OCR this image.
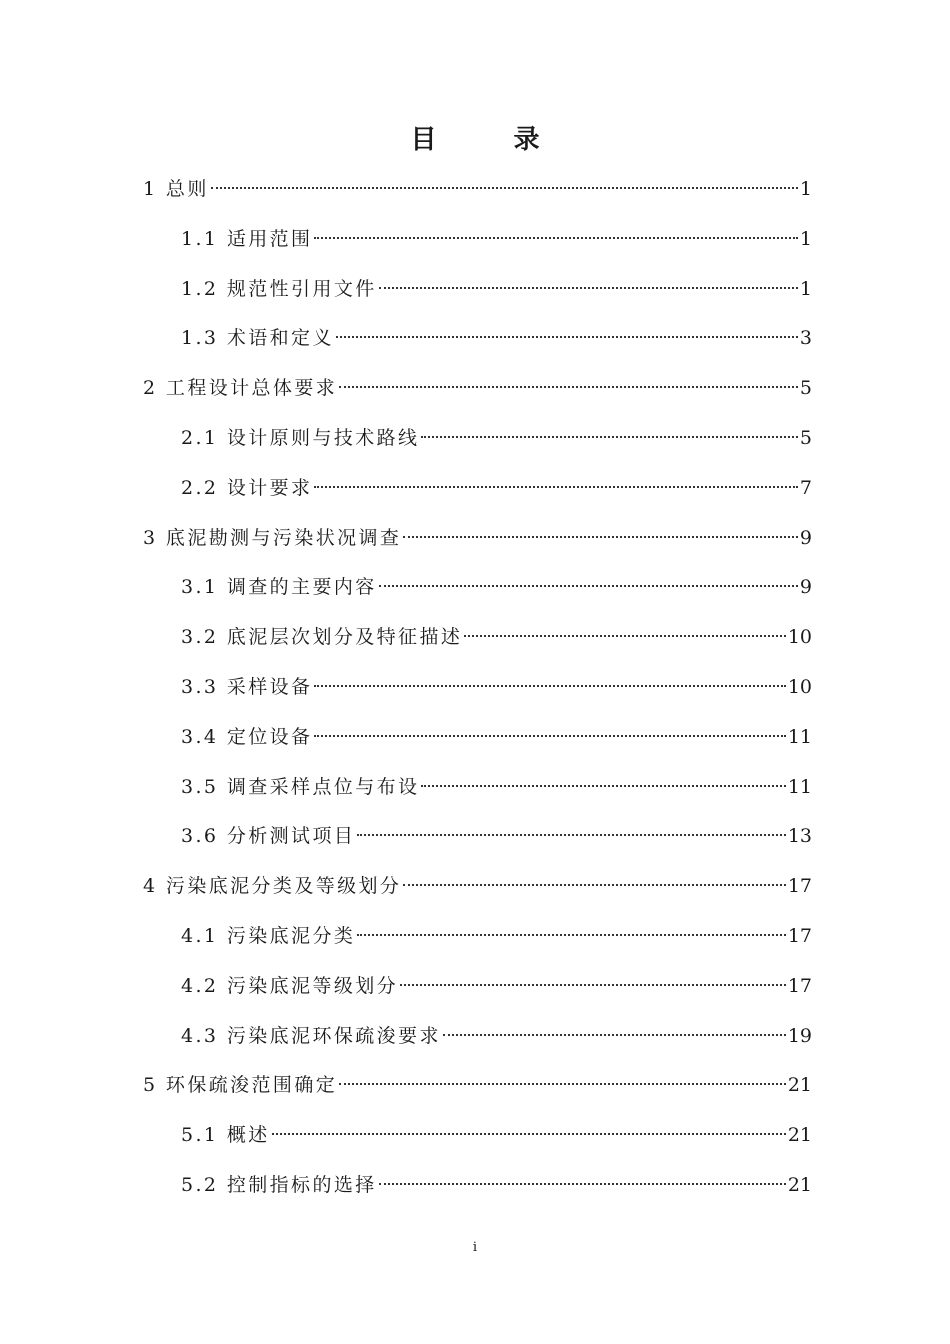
目 录
1 总则	1
1.1 适用范围	1
1.2 规范性引用文件	1
1.3 术语和定义	3
2 工程设计总体要求	5
2.1 设计原则与技术路线	5
2.2 设计要求	7
3 底泥勘测与污染状况调查	9
3.1 调查的主要内容	9
3.2 底泥层次划分及特征描述	10
3.3 采样设备	10
3.4 定位设备	11
3.5 调查采样点位与布设	11
3.6 分析测试项目	13
4 污染底泥分类及等级划分	17
4.1 污染底泥分类	17
4.2 污染底泥等级划分	17
4.3 污染底泥环保疏浚要求	19
5 环保疏浚范围确定	21
5.1 概述	21
5.2 控制指标的选择	21
i
